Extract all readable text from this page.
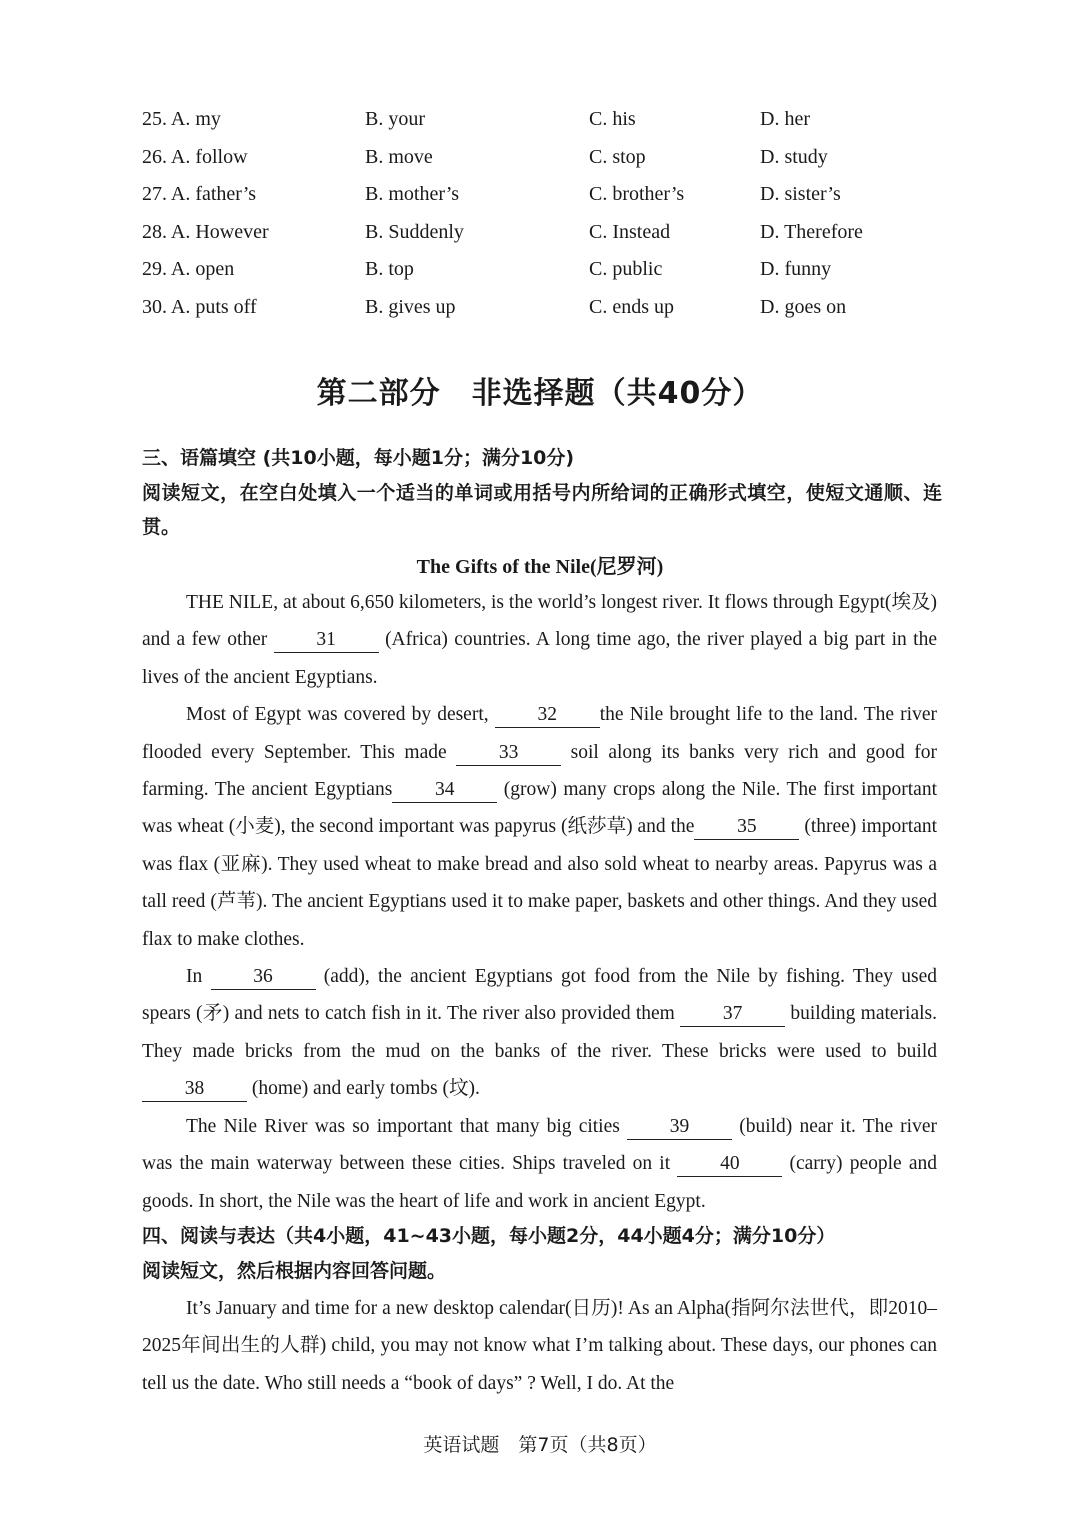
25. A. my	B. your	C. his	D. her
26. A. follow	B. move	C. stop	D. study
27. A. father’s	B. mother’s	C. brother’s	D. sister’s
28. A. However	B. Suddenly	C. Instead	D. Therefore
29. A. open	B. top	C. public	D. funny
30. A. puts off	B. gives up	C. ends up	D. goes on
第二部分　非选择题（共40分）
三、语篇填空 (共10小题，每小题1分；满分10分)
阅读短文，在空白处填入一个适当的单词或用括号内所给词的正确形式填空，使短文通顺、连贯。
The Gifts of the Nile(尼罗河)

THE NILE, at about 6,650 kilometers, is the world’s longest river. It flows through Egypt(埃及) and a few other	31	(Africa) countries. A long time ago, the river played a big part in the lives of the ancient Egyptians.

Most of Egypt was covered by desert,	32 the Nile brought life to the land. The river flooded every September. This made	33	soil along its banks very rich and good for farming. The ancient Egyptians 34	(grow) many crops along the Nile. The first important was wheat (小麦), the second important was papyrus (纸莎草) and the 35 (three) important was flax (亚麻). They used wheat to make bread and also sold wheat to nearby areas. Papyrus was a tall reed (芦苇). The ancient Egyptians used it to make paper, baskets and other things. And they used flax to make clothes.

In	36	(add), the ancient Egyptians got food from the Nile by fishing. They used spears (矛) and nets to catch fish in it. The river also provided them 37 building materials. They made bricks from the mud on the banks of the river. These bricks were used to build 38 (home) and early tombs (坟).

The Nile River was so important that many big cities	39	(build) near it. The river was the main waterway between these cities. Ships traveled on it	40	(carry) people and goods. In short, the Nile was the heart of life and work in ancient Egypt.

四、阅读与表达（共4小题，41~43小题，每小题2分，44小题4分；满分10分）
阅读短文，然后根据内容回答问题。

It’s January and time for a new desktop calendar(日历)! As an Alpha(指阿尔法世代，即2010–2025年间出生的人群) child, you may not know what I’m talking about. These days, our phones can tell us the date. Who still needs a “book of days” ? Well, I do. At the

英语试题　第7页（共8页）
